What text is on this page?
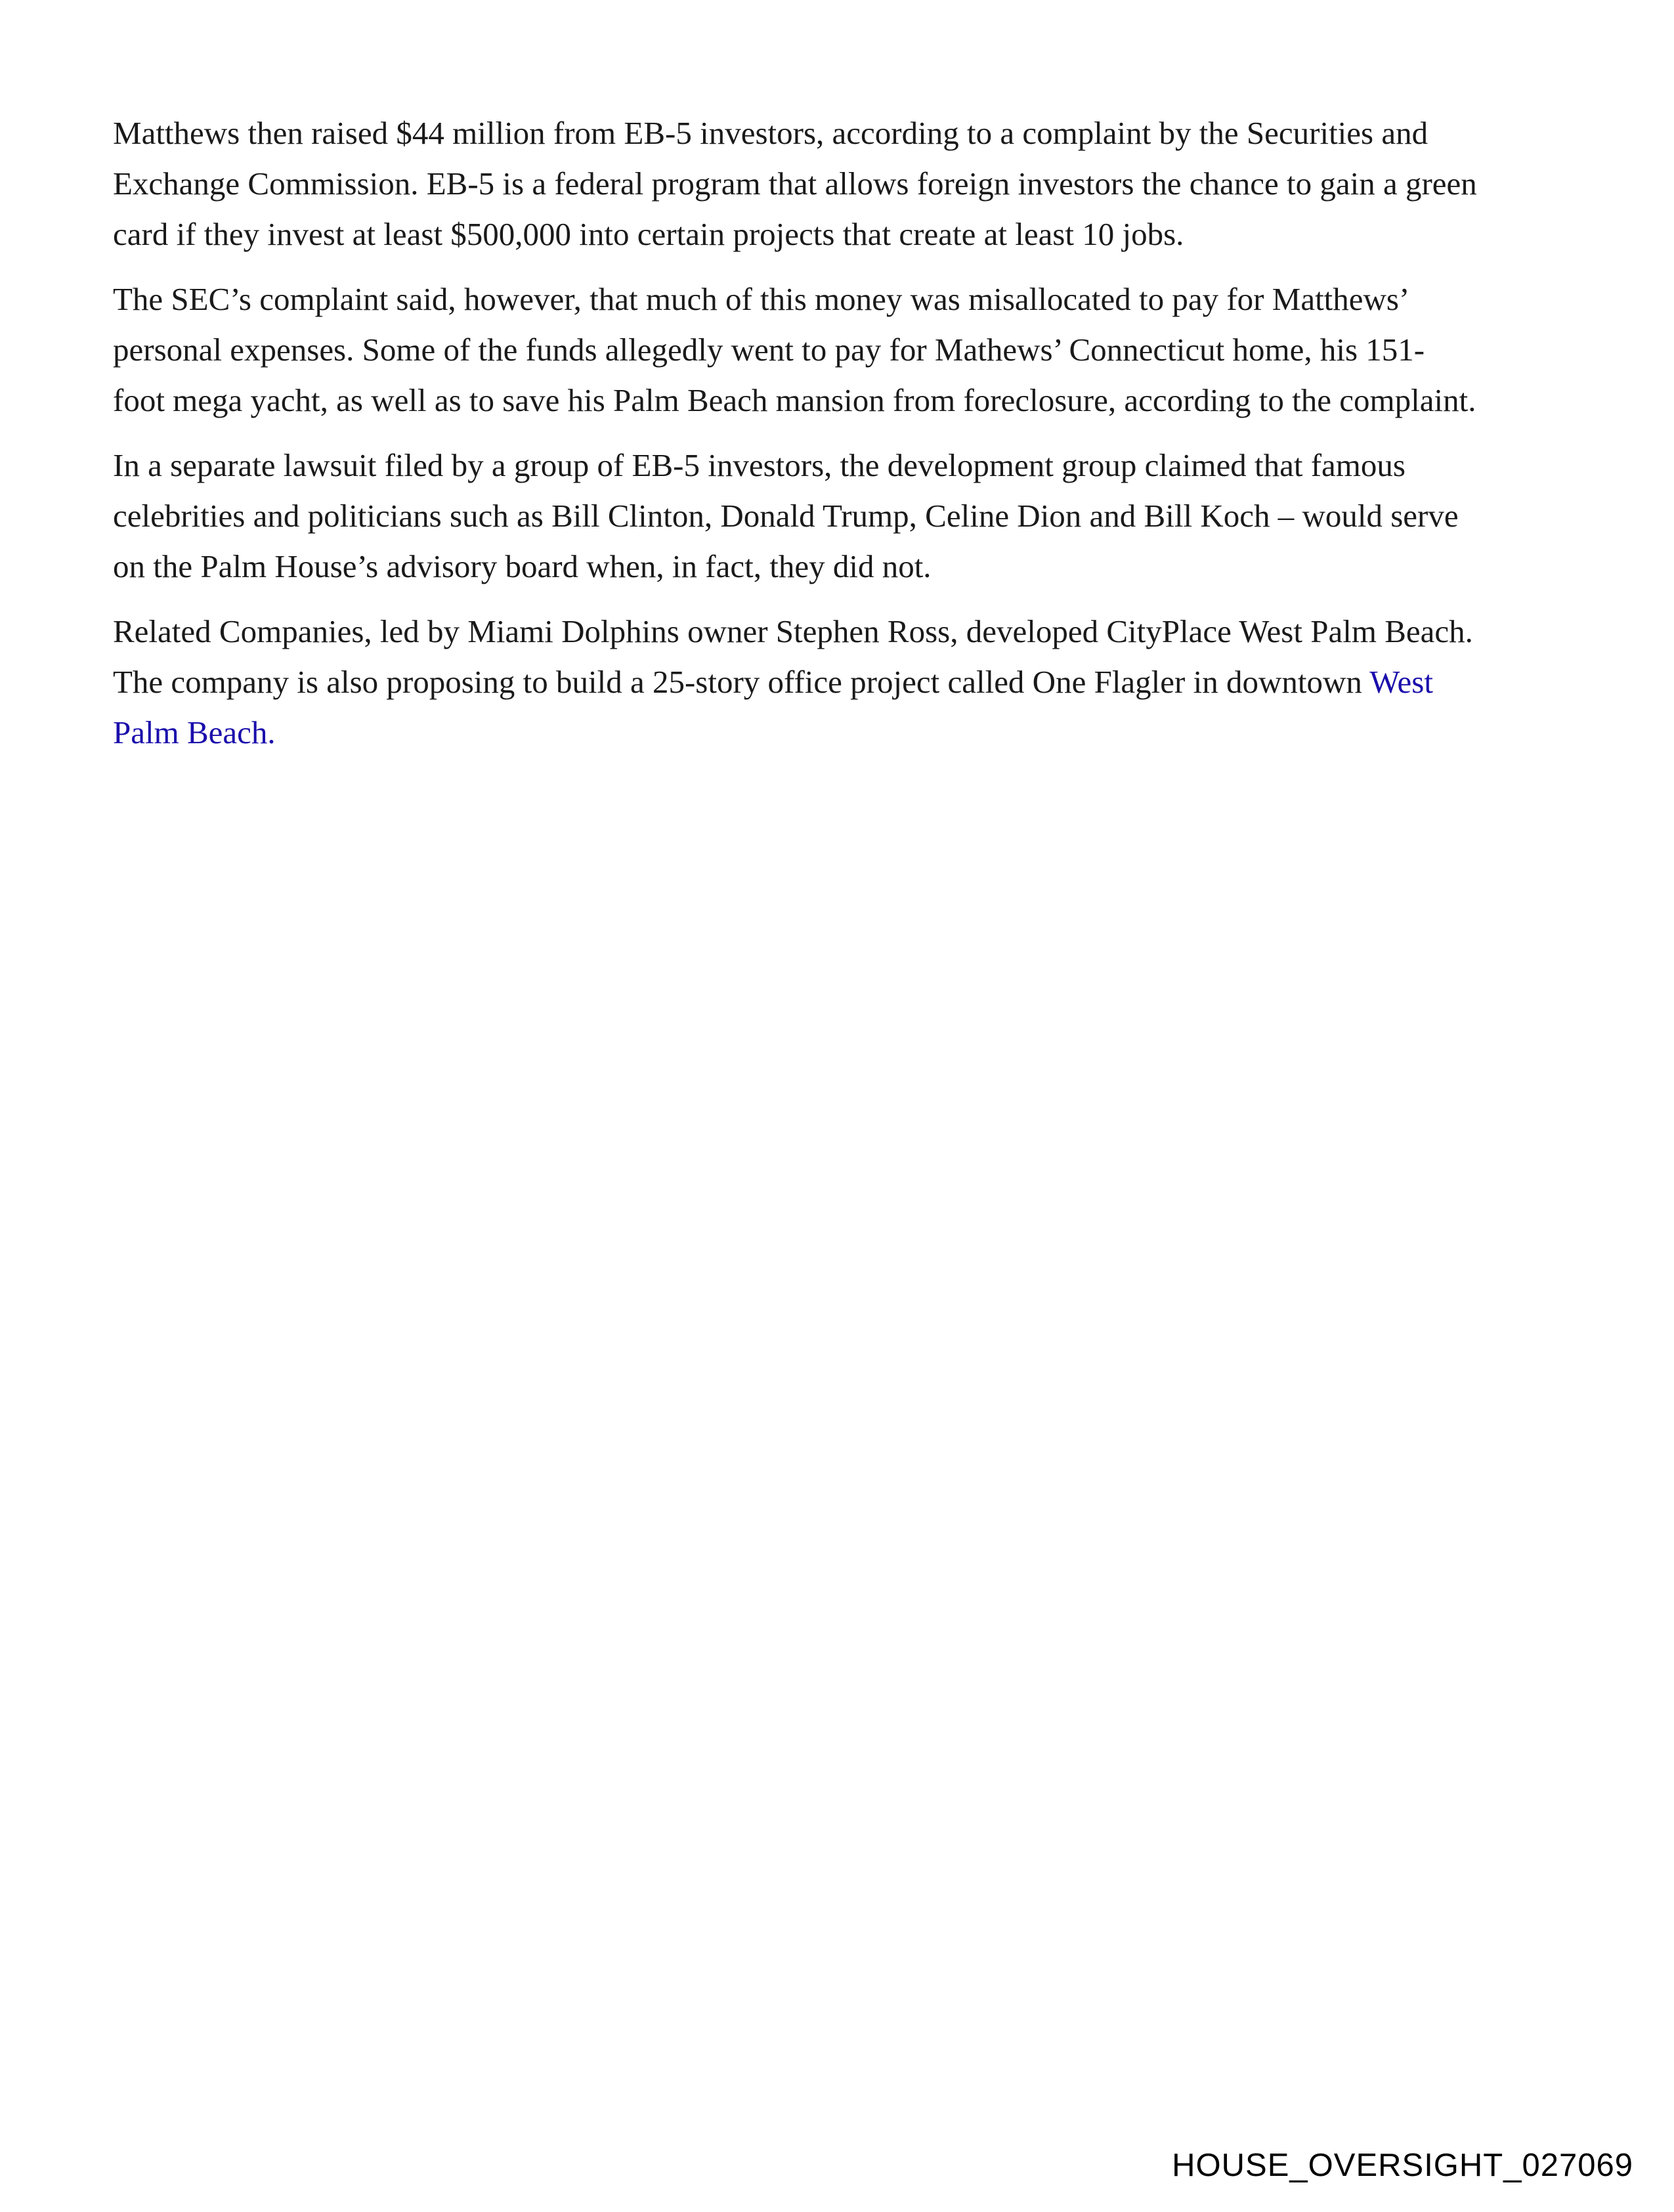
Matthews then raised $44 million from EB-5 investors, according to a complaint by the Securities and
Exchange Commission. EB-5 is a federal program that allows foreign investors the chance to gain a green
card if they invest at least $500,000 into certain projects that create at least 10 jobs.
The SEC’s complaint said, however, that much of this money was misallocated to pay for Matthews’
personal expenses. Some of the funds allegedly went to pay for Mathews’ Connecticut home, his 151-
foot mega yacht, as well as to save his Palm Beach mansion from foreclosure, according to the complaint.
In a separate lawsuit filed by a group of EB-5 investors, the development group claimed that famous
celebrities and politicians such as Bill Clinton, Donald Trump, Celine Dion and Bill Koch – would serve
on the Palm House’s advisory board when, in fact, they did not.
Related Companies, led by Miami Dolphins owner Stephen Ross, developed CityPlace West Palm Beach.
The company is also proposing to build a 25-story office project called One Flagler in downtown West
Palm Beach.
HOUSE_OVERSIGHT_027069
